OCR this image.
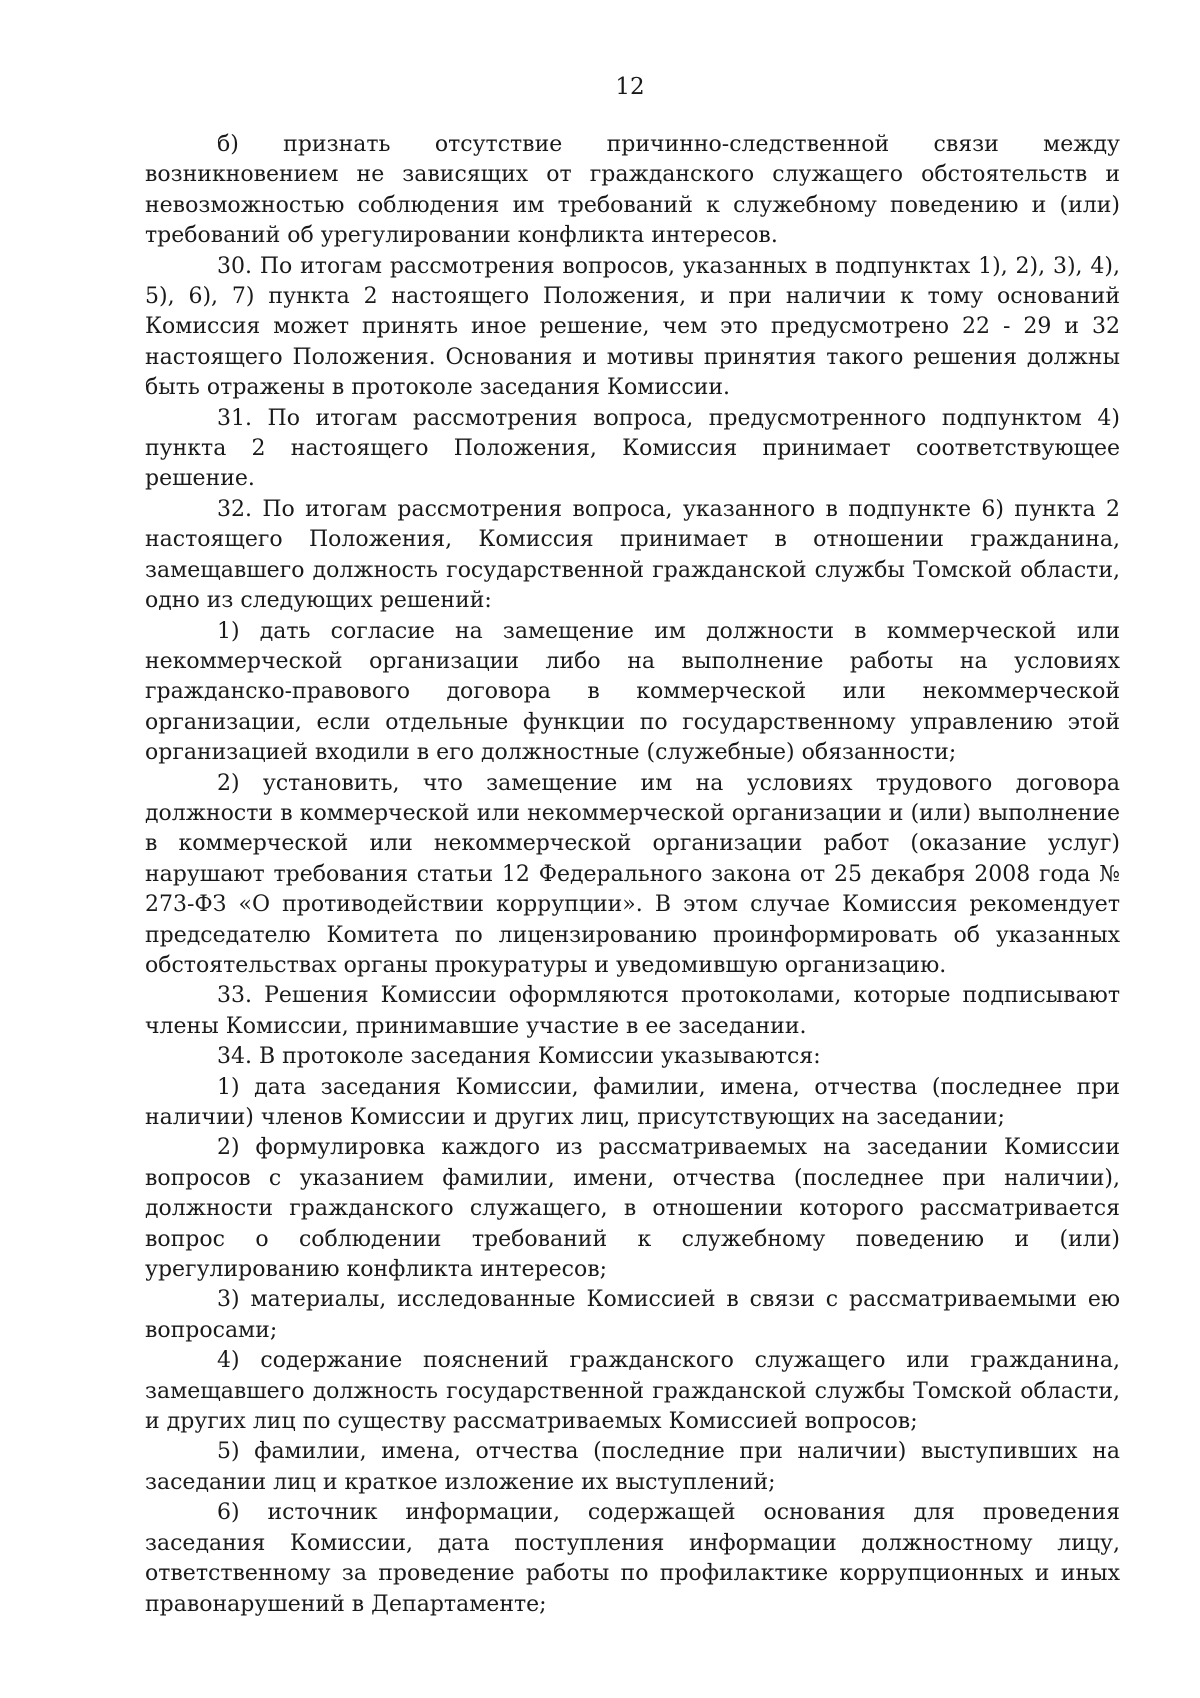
12

б) признать отсутствие причинно-следственной связи между возникновением не зависящих от гражданского служащего обстоятельств и невозможностью соблюдения им требований к служебному поведению и (или) требований об урегулировании конфликта интересов.

30. По итогам рассмотрения вопросов, указанных в подпунктах 1), 2), 3), 4), 5), 6), 7) пункта 2 настоящего Положения, и при наличии к тому оснований Комиссия может принять иное решение, чем это предусмотрено 22 - 29 и 32 настоящего Положения. Основания и мотивы принятия такого решения должны быть отражены в протоколе заседания Комиссии.

31. По итогам рассмотрения вопроса, предусмотренного подпунктом 4) пункта 2 настоящего Положения, Комиссия принимает соответствующее решение.

32. По итогам рассмотрения вопроса, указанного в подпункте 6) пункта 2 настоящего Положения, Комиссия принимает в отношении гражданина, замещавшего должность государственной гражданской службы Томской области, одно из следующих решений:

1) дать согласие на замещение им должности в коммерческой или некоммерческой организации либо на выполнение работы на условиях гражданско-правового договора в коммерческой или некоммерческой организации, если отдельные функции по государственному управлению этой организацией входили в его должностные (служебные) обязанности;

2) установить, что замещение им на условиях трудового договора должности в коммерческой или некоммерческой организации и (или) выполнение в коммерческой или некоммерческой организации работ (оказание услуг) нарушают требования статьи 12 Федерального закона от 25 декабря 2008 года № 273-ФЗ «О противодействии коррупции». В этом случае Комиссия рекомендует председателю Комитета по лицензированию проинформировать об указанных обстоятельствах органы прокуратуры и уведомившую организацию.

33. Решения Комиссии оформляются протоколами, которые подписывают члены Комиссии, принимавшие участие в ее заседании.

34. В протоколе заседания Комиссии указываются:

1) дата заседания Комиссии, фамилии, имена, отчества (последнее при наличии) членов Комиссии и других лиц, присутствующих на заседании;

2) формулировка каждого из рассматриваемых на заседании Комиссии вопросов с указанием фамилии, имени, отчества (последнее при наличии), должности гражданского служащего, в отношении которого рассматривается вопрос о соблюдении требований к служебному поведению и (или) урегулированию конфликта интересов;

3) материалы, исследованные Комиссией в связи с рассматриваемыми ею вопросами;

4) содержание пояснений гражданского служащего или гражданина, замещавшего должность государственной гражданской службы Томской области, и других лиц по существу рассматриваемых Комиссией вопросов;

5) фамилии, имена, отчества (последние при наличии) выступивших на заседании лиц и краткое изложение их выступлений;

6) источник информации, содержащей основания для проведения заседания Комиссии, дата поступления информации должностному лицу, ответственному за проведение работы по профилактике коррупционных и иных правонарушений в Департаменте;
